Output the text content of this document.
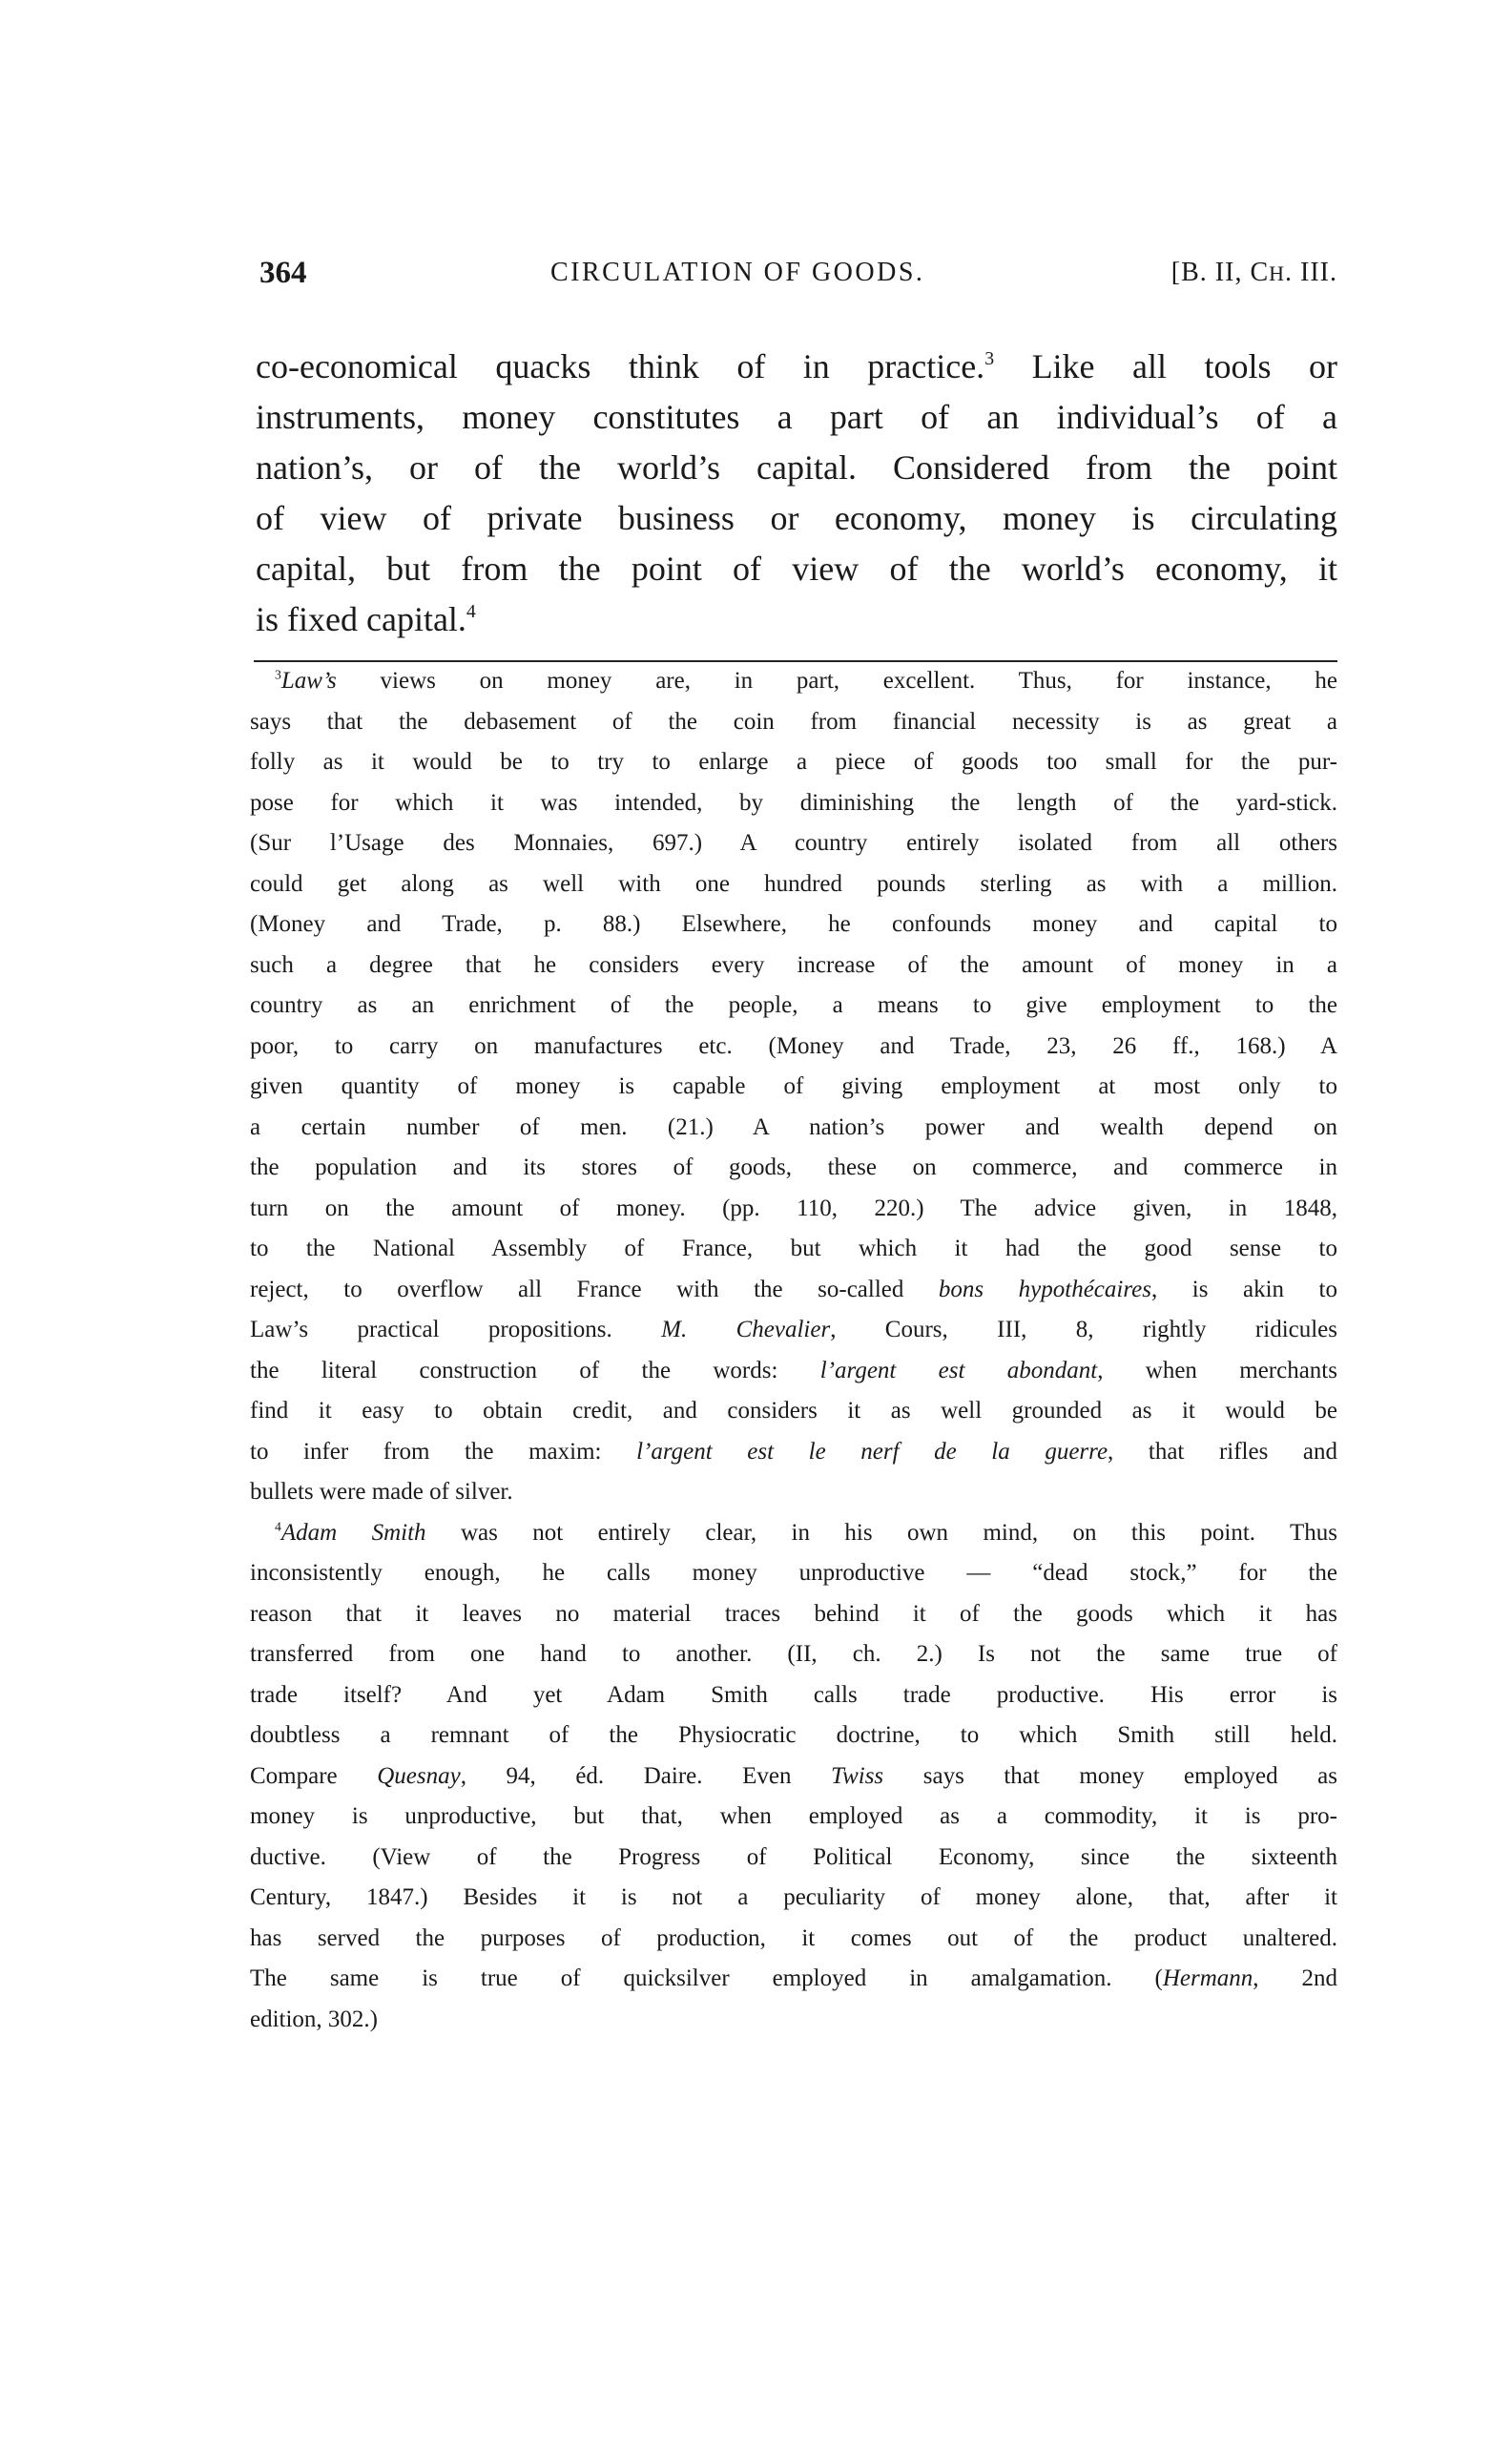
364	CIRCULATION OF GOODS.	[B. II, CH. III.
co-economical quacks think of in practice.$^3$ Like all tools or
instruments, money constitutes a part of an individual’s of a
nation’s, or of the world’s capital. Considered from the point
of view of private business or economy, money is circulating
capital, but from the point of view of the world’s economy, it
is fixed capital.$^4$
$^3$Law’s views on money are, in part, excellent. Thus, for instance, he
says that the debasement of the coin from financial necessity is as great a
folly as it would be to try to enlarge a piece of goods too small for the pur-
pose for which it was intended, by diminishing the length of the yard-stick.
(Sur l’Usage des Monnaies, 697.) A country entirely isolated from all others
could get along as well with one hundred pounds sterling as with a million.
(Money and Trade, p. 88.) Elsewhere, he confounds money and capital to
such a degree that he considers every increase of the amount of money in a
country as an enrichment of the people, a means to give employment to the
poor, to carry on manufactures etc. (Money and Trade, 23, 26 ff., 168.) A
given quantity of money is capable of giving employment at most only to
a certain number of men. (21.) A nation’s power and wealth depend on
the population and its stores of goods, these on commerce, and commerce in
turn on the amount of money. (pp. 110, 220.) The advice given, in 1848,
to the National Assembly of France, but which it had the good sense to
reject, to overflow all France with the so-called bons hypothécaires, is akin to
Law’s practical propositions. M. Chevalier, Cours, III, 8, rightly ridicules
the literal construction of the words: l’argent est abondant, when merchants
find it easy to obtain credit, and considers it as well grounded as it would be
to infer from the maxim: l’argent est le nerf de la guerre, that rifles and
bullets were made of silver.
$^4$Adam Smith was not entirely clear, in his own mind, on this point. Thus
inconsistently enough, he calls money unproductive — “dead stock,” for the
reason that it leaves no material traces behind it of the goods which it has
transferred from one hand to another. (II, ch. 2.) Is not the same true of
trade itself? And yet Adam Smith calls trade productive. His error is
doubtless a remnant of the Physiocratic doctrine, to which Smith still held.
Compare Quesnay, 94, éd. Daire. Even Twiss says that money employed as
money is unproductive, but that, when employed as a commodity, it is pro-
ductive. (View of the Progress of Political Economy, since the sixteenth
Century, 1847.) Besides it is not a peculiarity of money alone, that, after it
has served the purposes of production, it comes out of the product unaltered.
The same is true of quicksilver employed in amalgamation. (Hermann, 2nd
edition, 302.)
